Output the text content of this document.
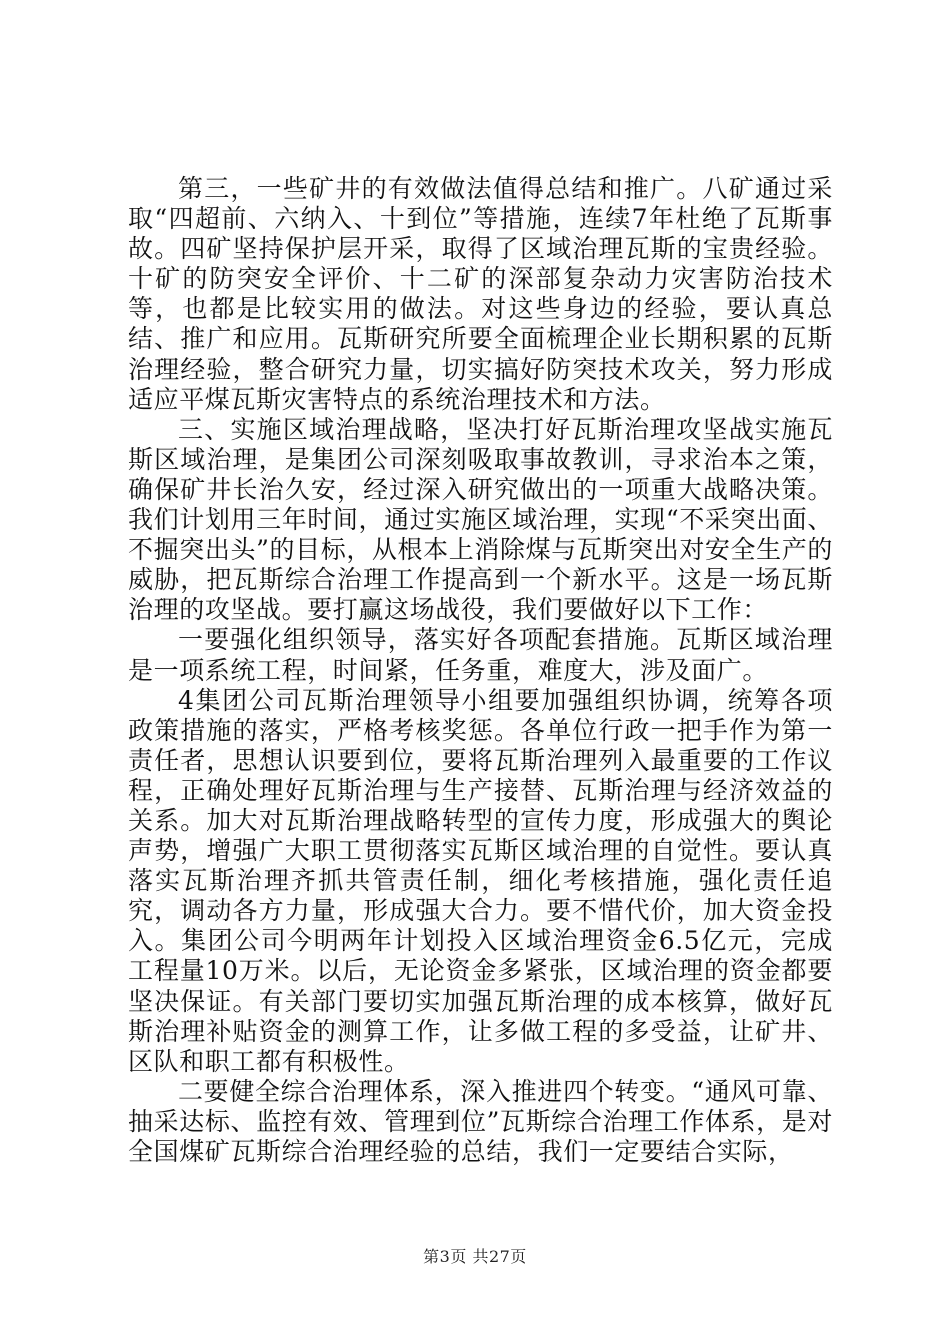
第三，一些矿井的有效做法值得总结和推广。八矿通过采取“四超前、六纳入、十到位”等措施，连续7年杜绝了瓦斯事故。四矿坚持保护层开采，取得了区域治理瓦斯的宝贵经验。十矿的防突安全评价、十二矿的深部复杂动力灾害防治技术等，也都是比较实用的做法。对这些身边的经验，要认真总结、推广和应用。瓦斯研究所要全面梳理企业长期积累的瓦斯治理经验，整合研究力量，切实搞好防突技术攻关，努力形成适应平煤瓦斯灾害特点的系统治理技术和方法。

三、实施区域治理战略，坚决打好瓦斯治理攻坚战实施瓦斯区域治理，是集团公司深刻吸取事故教训，寻求治本之策，确保矿井长治久安，经过深入研究做出的一项重大战略决策。我们计划用三年时间，通过实施区域治理，实现“不采突出面、不掘突出头”的目标，从根本上消除煤与瓦斯突出对安全生产的威胁，把瓦斯综合治理工作提高到一个新水平。这是一场瓦斯治理的攻坚战。要打赢这场战役，我们要做好以下工作：

一要强化组织领导，落实好各项配套措施。瓦斯区域治理是一项系统工程，时间紧，任务重，难度大，涉及面广。

4集团公司瓦斯治理领导小组要加强组织协调，统筹各项政策措施的落实，严格考核奖惩。各单位行政一把手作为第一责任者，思想认识要到位，要将瓦斯治理列入最重要的工作议程，正确处理好瓦斯治理与生产接替、瓦斯治理与经济效益的关系。加大对瓦斯治理战略转型的宣传力度，形成强大的舆论声势，增强广大职工贯彻落实瓦斯区域治理的自觉性。要认真落实瓦斯治理齐抓共管责任制，细化考核措施，强化责任追究，调动各方力量，形成强大合力。要不惜代价，加大资金投入。集团公司今明两年计划投入区域治理资金6.5亿元，完成工程量10万米。以后，无论资金多紧张，区域治理的资金都要坚决保证。有关部门要切实加强瓦斯治理的成本核算，做好瓦斯治理补贴资金的测算工作，让多做工程的多受益，让矿井、区队和职工都有积极性。

二要健全综合治理体系，深入推进四个转变。“通风可靠、抽采达标、监控有效、管理到位”瓦斯综合治理工作体系，是对全国煤矿瓦斯综合治理经验的总结，我们一定要结合实际，

第3页 共27页
